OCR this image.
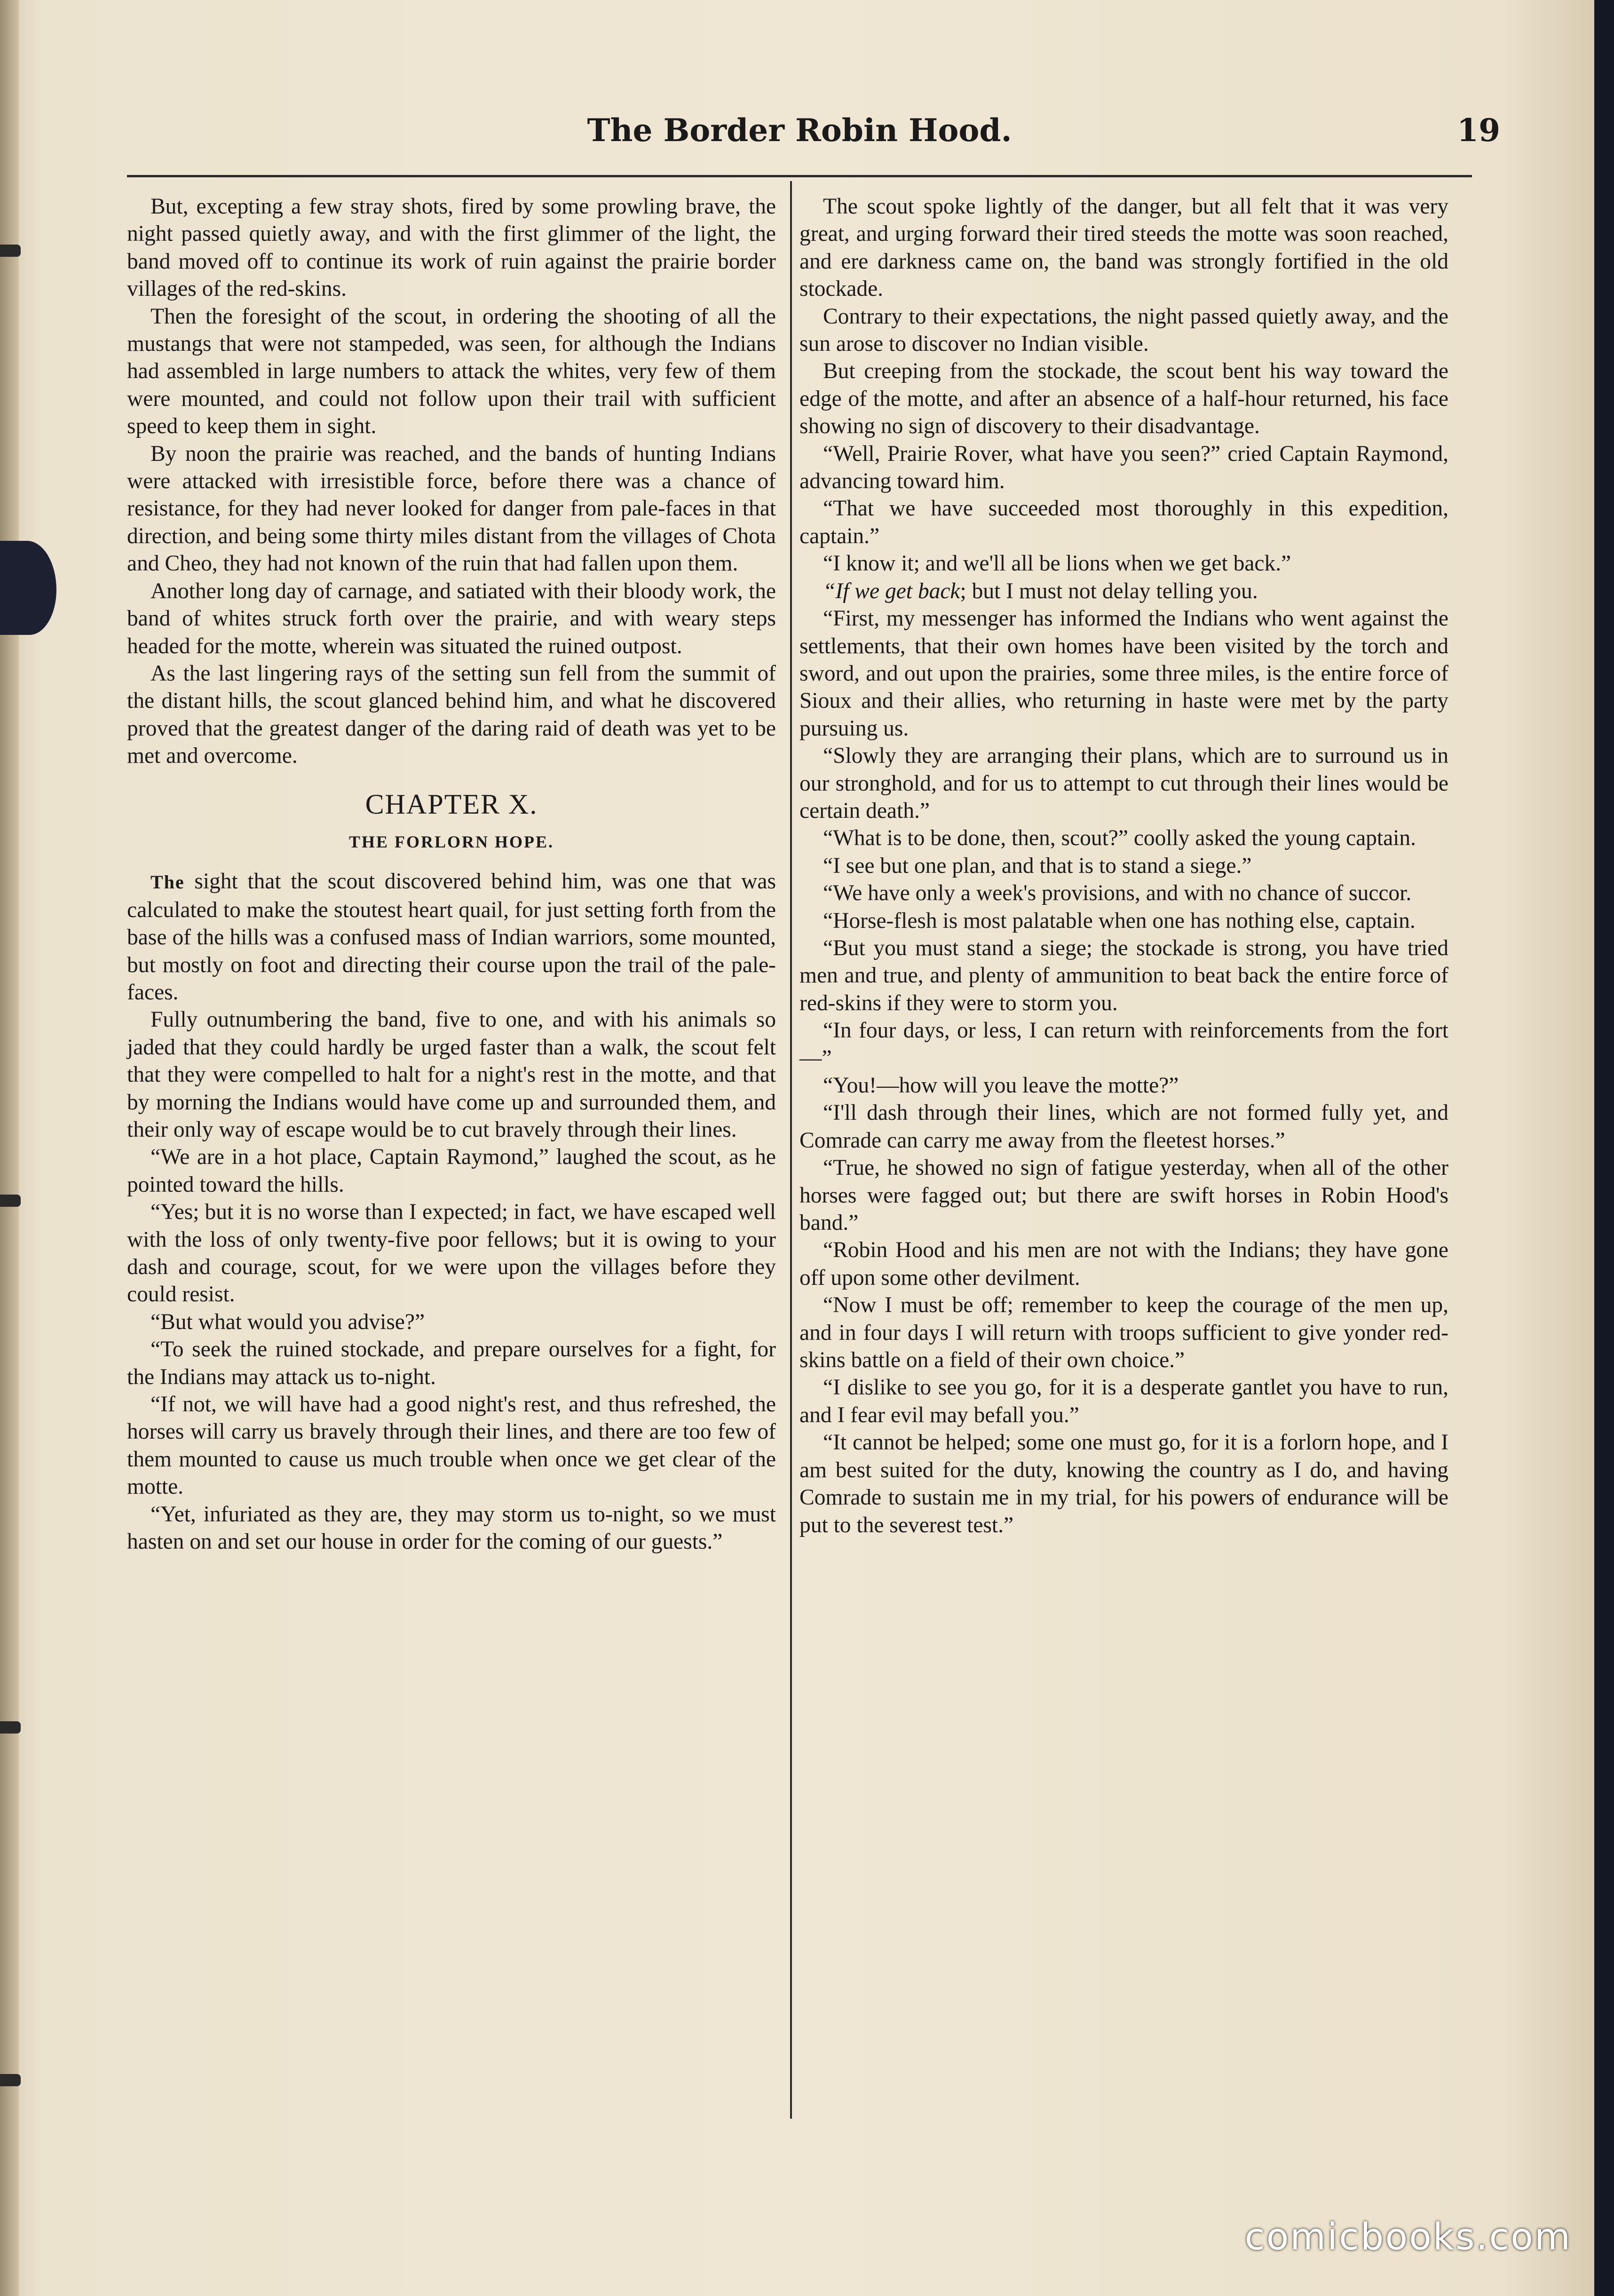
The Border Robin Hood.	19

But, excepting a few stray shots, fired by some prowling brave, the night passed quietly away, and with the first glimmer of the light, the band moved off to continue its work of ruin against the prairie border villages of the red-skins.

Then the foresight of the scout, in ordering the shooting of all the mustangs that were not stampeded, was seen, for although the Indians had assembled in large numbers to attack the whites, very few of them were mounted, and could not follow upon their trail with sufficient speed to keep them in sight.

By noon the prairie was reached, and the bands of hunting Indians were attacked with irresistible force, before there was a chance of resistance, for they had never looked for danger from pale-faces in that direction, and being some thirty miles distant from the villages of Chota and Cheo, they had not known of the ruin that had fallen upon them.

Another long day of carnage, and satiated with their bloody work, the band of whites struck forth over the prairie, and with weary steps headed for the motte, wherein was situated the ruined outpost.

As the last lingering rays of the setting sun fell from the summit of the distant hills, the scout glanced behind him, and what he discovered proved that the greatest danger of the daring raid of death was yet to be met and overcome.

CHAPTER X.
THE FORLORN HOPE.

The sight that the scout discovered behind him, was one that was calculated to make the stoutest heart quail, for just setting forth from the base of the hills was a confused mass of Indian warriors, some mounted, but mostly on foot and directing their course upon the trail of the pale-faces.

Fully outnumbering the band, five to one, and with his animals so jaded that they could hardly be urged faster than a walk, the scout felt that they were compelled to halt for a night's rest in the motte, and that by morning the Indians would have come up and surrounded them, and their only way of escape would be to cut bravely through their lines.

“We are in a hot place, Captain Raymond,” laughed the scout, as he pointed toward the hills.

“Yes; but it is no worse than I expected; in fact, we have escaped well with the loss of only twenty-five poor fellows; but it is owing to your dash and courage, scout, for we were upon the villages before they could resist.

“But what would you advise?”

“To seek the ruined stockade, and prepare ourselves for a fight, for the Indians may attack us to-night.

“If not, we will have had a good night's rest, and thus refreshed, the horses will carry us bravely through their lines, and there are too few of them mounted to cause us much trouble when once we get clear of the motte.

“Yet, infuriated as they are, they may storm us to-night, so we must hasten on and set our house in order for the coming of our guests.”

The scout spoke lightly of the danger, but all felt that it was very great, and urging forward their tired steeds the motte was soon reached, and ere darkness came on, the band was strongly fortified in the old stockade.

Contrary to their expectations, the night passed quietly away, and the sun arose to discover no Indian visible.

But creeping from the stockade, the scout bent his way toward the edge of the motte, and after an absence of a half-hour returned, his face showing no sign of discovery to their disadvantage.

“Well, Prairie Rover, what have you seen?” cried Captain Raymond, advancing toward him.

“That we have succeeded most thoroughly in this expedition, captain.”

“I know it; and we'll all be lions when we get back.”

“If we get back; but I must not delay telling you.

“First, my messenger has informed the Indians who went against the settlements, that their own homes have been visited by the torch and sword, and out upon the prairies, some three miles, is the entire force of Sioux and their allies, who returning in haste were met by the party pursuing us.

“Slowly they are arranging their plans, which are to surround us in our stronghold, and for us to attempt to cut through their lines would be certain death.”

“What is to be done, then, scout?” coolly asked the young captain.

“I see but one plan, and that is to stand a siege.”

“We have only a week's provisions, and with no chance of succor.

“Horse-flesh is most palatable when one has nothing else, captain.

“But you must stand a siege; the stockade is strong, you have tried men and true, and plenty of ammunition to beat back the entire force of red-skins if they were to storm you.

“In four days, or less, I can return with reinforcements from the fort—”

“You!—how will you leave the motte?”

“I'll dash through their lines, which are not formed fully yet, and Comrade can carry me away from the fleetest horses.”

“True, he showed no sign of fatigue yesterday, when all of the other horses were fagged out; but there are swift horses in Robin Hood's band.”

“Robin Hood and his men are not with the Indians; they have gone off upon some other devilment.

“Now I must be off; remember to keep the courage of the men up, and in four days I will return with troops sufficient to give yonder red-skins battle on a field of their own choice.”

“I dislike to see you go, for it is a desperate gantlet you have to run, and I fear evil may befall you.”

“It cannot be helped; some one must go, for it is a forlorn hope, and I am best suited for the duty, knowing the country as I do, and having Comrade to sustain me in my trial, for his powers of endurance will be put to the severest test.”

comicbooks.com
